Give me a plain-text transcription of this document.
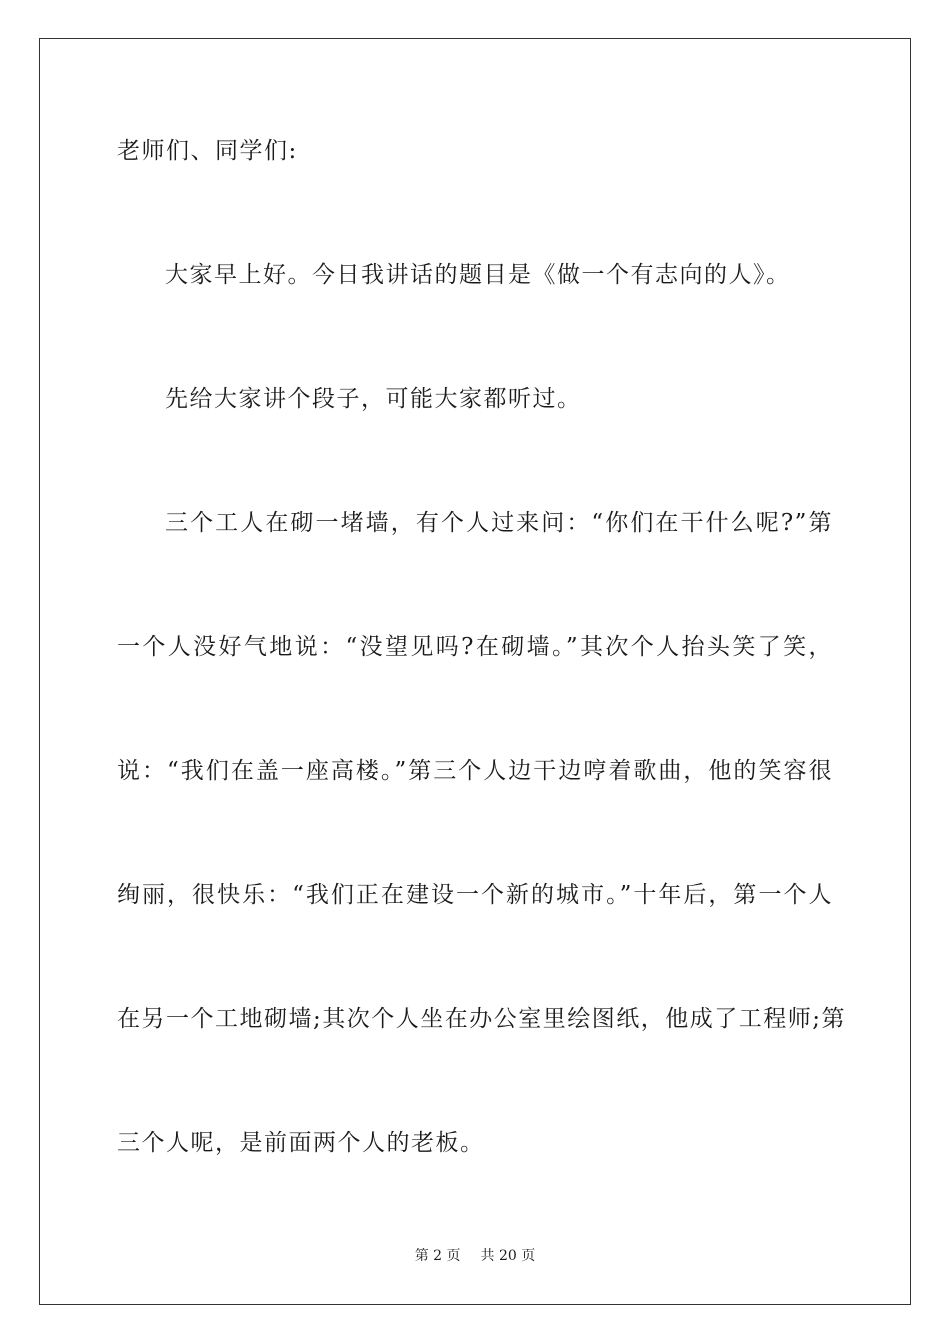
老师们、同学们:
大家早上好。今日我讲话的题目是《做一个有志向的人》。
先给大家讲个段子，可能大家都听过。
三个工人在砌一堵墙，有个人过来问：“你们在干什么呢?”第
一个人没好气地说：“没望见吗?在砌墙。”其次个人抬头笑了笑，
说：“我们在盖一座高楼。”第三个人边干边哼着歌曲，他的笑容很
绚丽，很快乐：“我们正在建设一个新的城市。”十年后，第一个人
在另一个工地砌墙;其次个人坐在办公室里绘图纸，他成了工程师;第
三个人呢，是前面两个人的老板。
第 2 页 共 20 页
